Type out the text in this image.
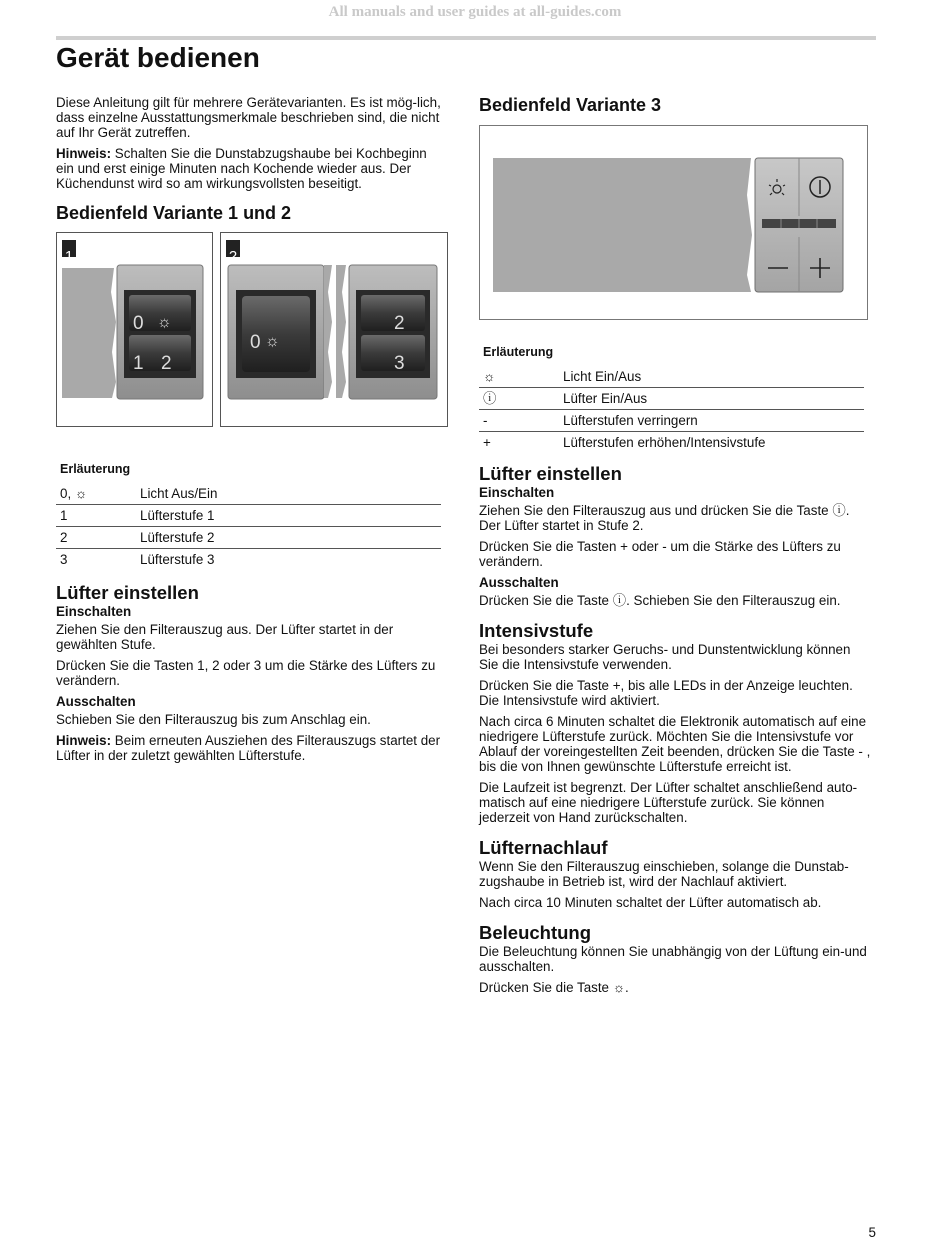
All manuals and user guides at all-guides.com
Gerät bedienen

Diese Anleitung gilt für mehrere Gerätevarianten. Es ist mög-lich, dass einzelne Ausstattungsmerkmale beschrieben sind, die nicht auf Ihr Gerät zutreffen.

Hinweis: Schalten Sie die Dunstabzugshaube bei Kochbeginn ein und erst einige Minuten nach Kochende wieder aus. Der Küchendunst wird so am wirkungsvollsten beseitigt.

Bedienfeld Variante 1 und 2
1	2
0 ☼
1 2
0 ☼
2
3
Erläuterung	
0, ☼	Licht Aus/Ein
1	Lüfterstufe 1
2	Lüfterstufe 2
3	Lüfterstufe 3
Lüfter einstellen
Einschalten

Ziehen Sie den Filterauszug aus. Der Lüfter startet in der gewählten Stufe.

Drücken Sie die Tasten 1, 2 oder 3 um die Stärke des Lüfters zu verändern.

Ausschalten

Schieben Sie den Filterauszug bis zum Anschlag ein.

Hinweis: Beim erneuten Ausziehen des Filterauszugs startet der Lüfter in der zuletzt gewählten Lüfterstufe.

Bedienfeld Variante 3
Erläuterung	
☼	Licht Ein/Aus
ⓘ	Lüfter Ein/Aus
-	Lüfterstufen verringern
+	Lüfterstufen erhöhen/Intensivstufe
Lüfter einstellen
Einschalten

Ziehen Sie den Filterauszug aus und drücken Sie die Taste ⓘ. Der Lüfter startet in Stufe 2.

Drücken Sie die Tasten + oder - um die Stärke des Lüfters zu verändern.

Ausschalten

Drücken Sie die Taste ⓘ. Schieben Sie den Filterauszug ein.

Intensivstufe

Bei besonders starker Geruchs- und Dunstentwicklung können Sie die Intensivstufe verwenden.

Drücken Sie die Taste +, bis alle LEDs in der Anzeige leuchten. Die Intensivstufe wird aktiviert.

Nach circa 6 Minuten schaltet die Elektronik automatisch auf eine niedrigere Lüfterstufe zurück. Möchten Sie die Intensivstufe vor Ablauf der voreingestellten Zeit beenden, drücken Sie die Taste - , bis die von Ihnen gewünschte Lüfterstufe erreicht ist.

Die Laufzeit ist begrenzt. Der Lüfter schaltet anschließend auto-matisch auf eine niedrigere Lüfterstufe zurück. Sie können jederzeit von Hand zurückschalten.

Lüfternachlauf

Wenn Sie den Filterauszug einschieben, solange die Dunstab-zugshaube in Betrieb ist, wird der Nachlauf aktiviert.

Nach circa 10 Minuten schaltet der Lüfter automatisch ab.

Beleuchtung

Die Beleuchtung können Sie unabhängig von der Lüftung ein-und ausschalten.

Drücken Sie die Taste ☼.

5
